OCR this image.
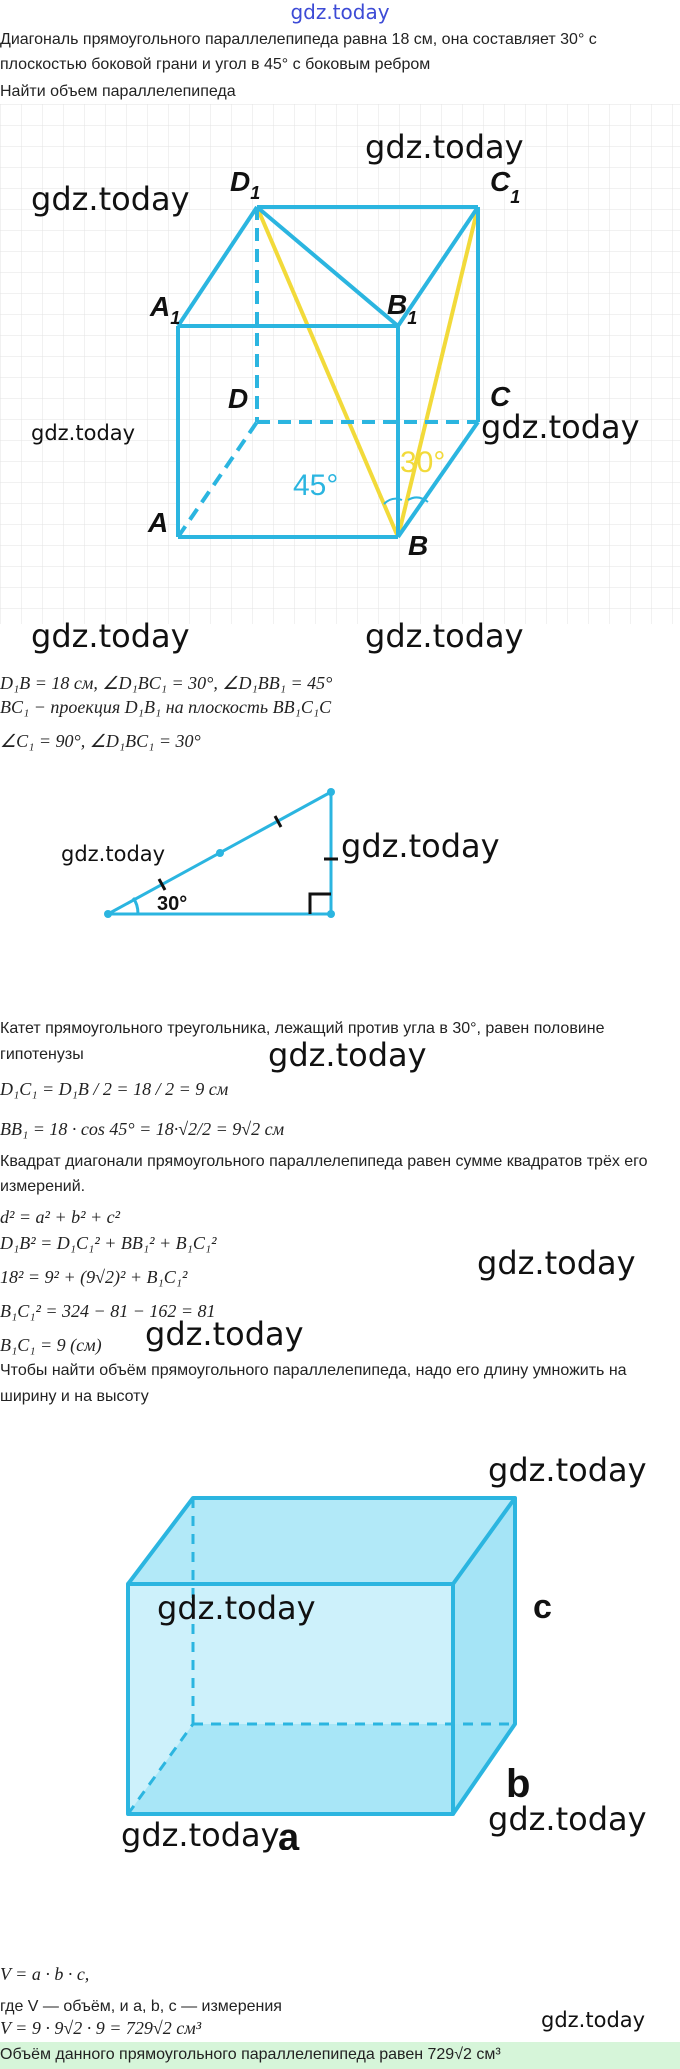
gdz.today
Диагональ прямоугольного параллелепипеда равна 18 см, она составляет 30° с
плоскостью боковой грани и угол в 45° с боковым ребром
Найти объем параллелепипеда
45°
30°
$D_1$	$C_1$
$A_1$	$B_1$
D	C
A
B
gdz.today
gdz.today
gdz.today	gdz.today
gdz.today	gdz.today
D₁B = 18 см, ∠D₁BC₁ = 30°, ∠D₁BB₁ = 45°
BC₁ − проекция D₁B₁ на плоскость BB₁C₁C
∠C₁ = 90°, ∠D₁BC₁ = 30°
30°
gdz.today	gdz.today
Катет прямоугольного треугольника, лежащий против угла в 30°, равен половине
гипотенузы	gdz.today
D₁C₁ = D₁B / 2 = 18 / 2 = 9 см
BB₁ = 18 · cos 45° = 18·√2/2 = 9√2 см
Квадрат диагонали прямоугольного параллелепипеда равен сумме квадратов трёх его
измерений.
d² = a² + b² + c²
D₁B² = D₁C₁² + BB₁² + B₁C₁²
18² = 9² + (9√2)² + B₁C₁²	gdz.today
B₁C₁² = 324 − 81 − 162 = 81
B₁C₁ = 9 (см) gdz.today
Чтобы найти объём прямоугольного параллелепипеда, надо его длину умножить на
ширину и на высоту
c
b
a
gdz.today
gdz.today
gdz.today	gdz.today
V = a · b · c,
где V — объём, и a, b, c — измерения
V = 9 · 9√2 · 9 = 729√2 см³	gdz.today
Объём данного прямоугольного параллелепипеда равен 729√2 см³
